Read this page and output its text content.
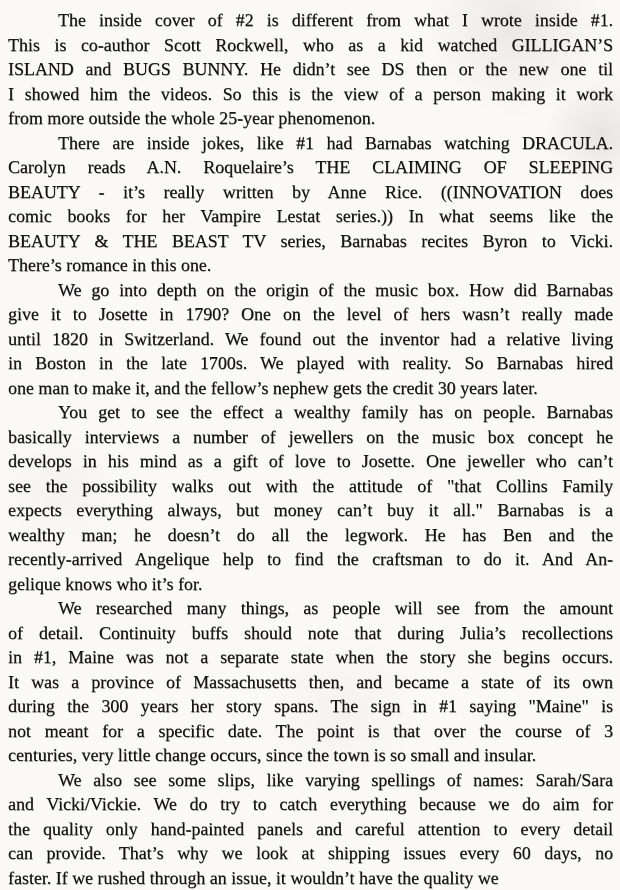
The inside cover of #2 is different from what I wrote inside #1.
This is co-author Scott Rockwell, who as a kid watched GILLIGAN’S
ISLAND and BUGS BUNNY. He didn’t see DS then or the new one til
I showed him the videos. So this is the view of a person making it work
from more outside the whole 25-year phenomenon.
There are inside jokes, like #1 had Barnabas watching DRACULA.
Carolyn reads A.N. Roquelaire’s THE CLAIMING OF SLEEPING
BEAUTY - it’s really written by Anne Rice. ((INNOVATION does
comic books for her Vampire Lestat series.)) In what seems like the
BEAUTY & THE BEAST TV series, Barnabas recites Byron to Vicki.
There’s romance in this one.
We go into depth on the origin of the music box. How did Barnabas
give it to Josette in 1790? One on the level of hers wasn’t really made
until 1820 in Switzerland. We found out the inventor had a relative living
in Boston in the late 1700s. We played with reality. So Barnabas hired
one man to make it, and the fellow’s nephew gets the credit 30 years later.
You get to see the effect a wealthy family has on people. Barnabas
basically interviews a number of jewellers on the music box concept he
develops in his mind as a gift of love to Josette. One jeweller who can’t
see the possibility walks out with the attitude of "that Collins Family
expects everything always, but money can’t buy it all." Barnabas is a
wealthy man; he doesn’t do all the legwork. He has Ben and the
recently-arrived Angelique help to find the craftsman to do it. And An-
gelique knows who it’s for.
We researched many things, as people will see from the amount
of detail. Continuity buffs should note that during Julia’s recollections
in #1, Maine was not a separate state when the story she begins occurs.
It was a province of Massachusetts then, and became a state of its own
during the 300 years her story spans. The sign in #1 saying "Maine" is
not meant for a specific date. The point is that over the course of 3
centuries, very little change occurs, since the town is so small and insular.
We also see some slips, like varying spellings of names: Sarah/Sara
and Vicki/Vickie. We do try to catch everything because we do aim for
the quality only hand-painted panels and careful attention to every detail
can provide. That’s why we look at shipping issues every 60 days, no
faster. If we rushed through an issue, it wouldn’t have the quality we
